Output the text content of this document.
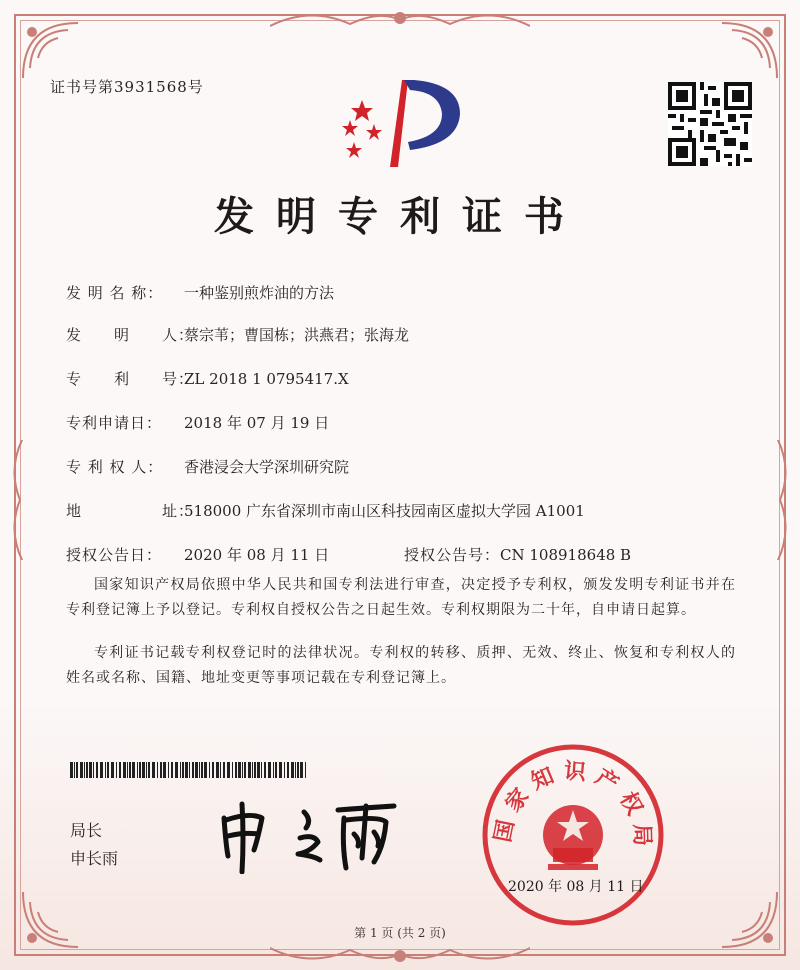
证书号第3931568号
发明专利证书
发 明 名 称： 一种鉴别煎炸油的方法
发　　明　　人：蔡宗苇；曹国栋；洪燕君；张海龙
专　　利　　号：ZL 2018 1 0795417.X
专利申请日： 2018 年 07 月 19 日
专 利 权 人： 香港浸会大学深圳研究院
地　　　　　址：518000 广东省深圳市南山区科技园南区虚拟大学园 A1001
授权公告日： 2020 年 08 月 11 日	授权公告号：CN 108918648 B
国家知识产权局依照中华人民共和国专利法进行审查，决定授予专利权，颁发发明专利证书并在专利登记簿上予以登记。专利权自授权公告之日起生效。专利权期限为二十年，自申请日起算。
专利证书记载专利权登记时的法律状况。专利权的转移、质押、无效、终止、恢复和专利权人的姓名或名称、国籍、地址变更等事项记载在专利登记簿上。
局长
申长雨
国家知识产权局
2020 年 08 月 11 日
第 1 页 (共 2 页)
